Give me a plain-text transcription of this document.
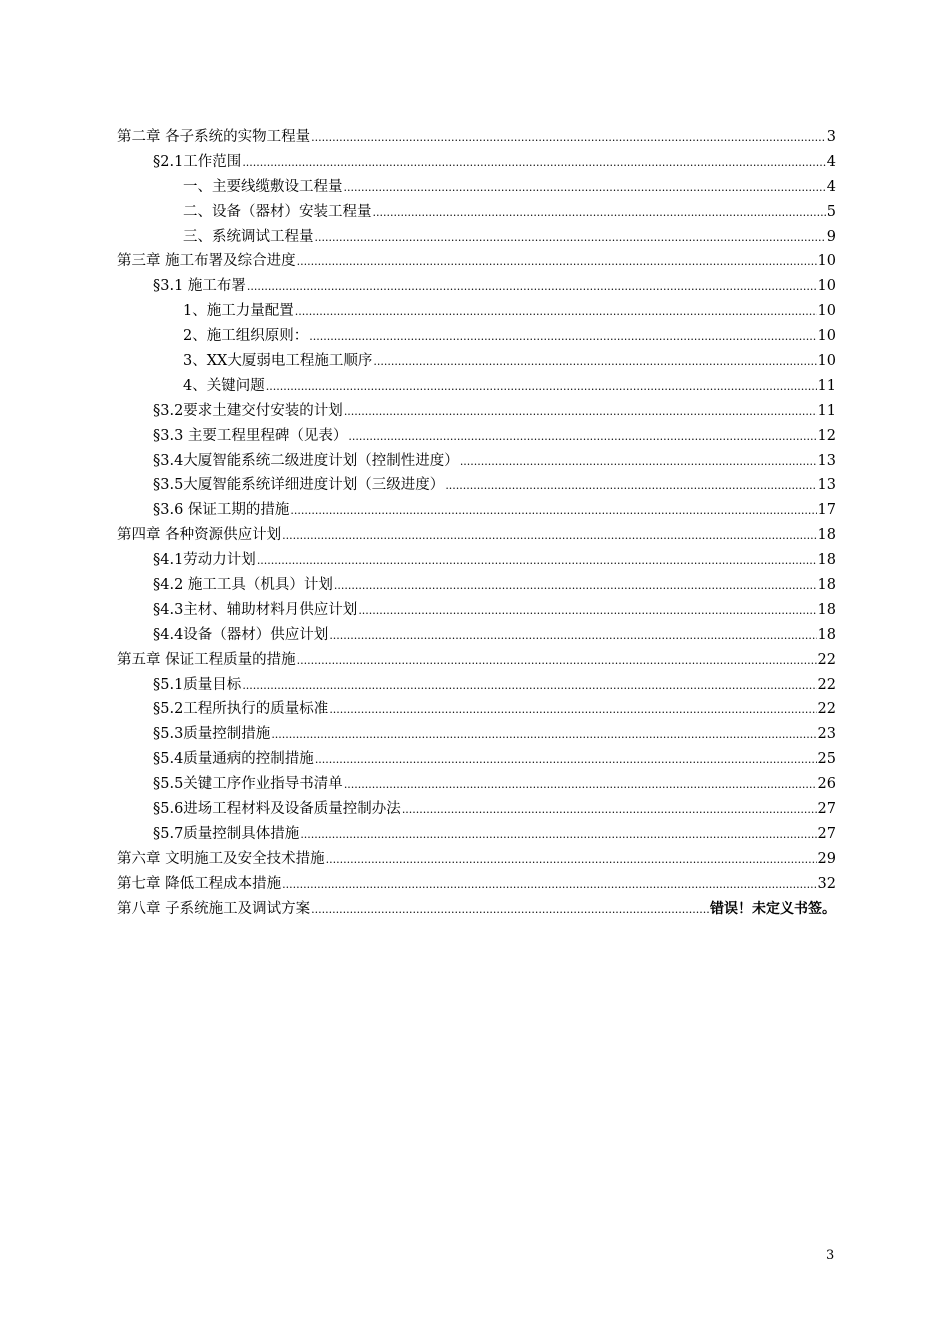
第二章 各子系统的实物工程量 .....	3
§2.1工作范围 .....	4
一、主要线缆敷设工程量 .....	4
二、设备（器材）安装工程量 .....	5
三、系统调试工程量 .....	9
第三章 施工布署及综合进度 .....	10
§3.1 施工布署 .....	10
1、施工力量配置 .....	10
2、施工组织原则： .....	10
3、XX大厦弱电工程施工顺序 .....	10
4、关键问题 .....	11
§3.2要求土建交付安装的计划 .....	11
§3.3 主要工程里程碑（见表） .....	12
§3.4大厦智能系统二级进度计划（控制性进度） .....	13
§3.5大厦智能系统详细进度计划（三级进度） .....	13
§3.6 保证工期的措施 .....	17
第四章 各种资源供应计划 .....	18
§4.1劳动力计划 .....	18
§4.2 施工工具（机具）计划 .....	18
§4.3主材、辅助材料月供应计划 .....	18
§4.4设备（器材）供应计划 .....	18
第五章 保证工程质量的措施 .....	22
§5.1质量目标 .....	22
§5.2工程所执行的质量标准 .....	22
§5.3质量控制措施 .....	23
§5.4质量通病的控制措施 .....	25
§5.5关键工序作业指导书清单 .....	26
§5.6进场工程材料及设备质量控制办法 .....	27
§5.7质量控制具体措施 .....	27
第六章 文明施工及安全技术措施 .....	29
第七章 降低工程成本措施 .....	32
第八章 子系统施工及调试方案 .....	错误！未定义书签。
3
